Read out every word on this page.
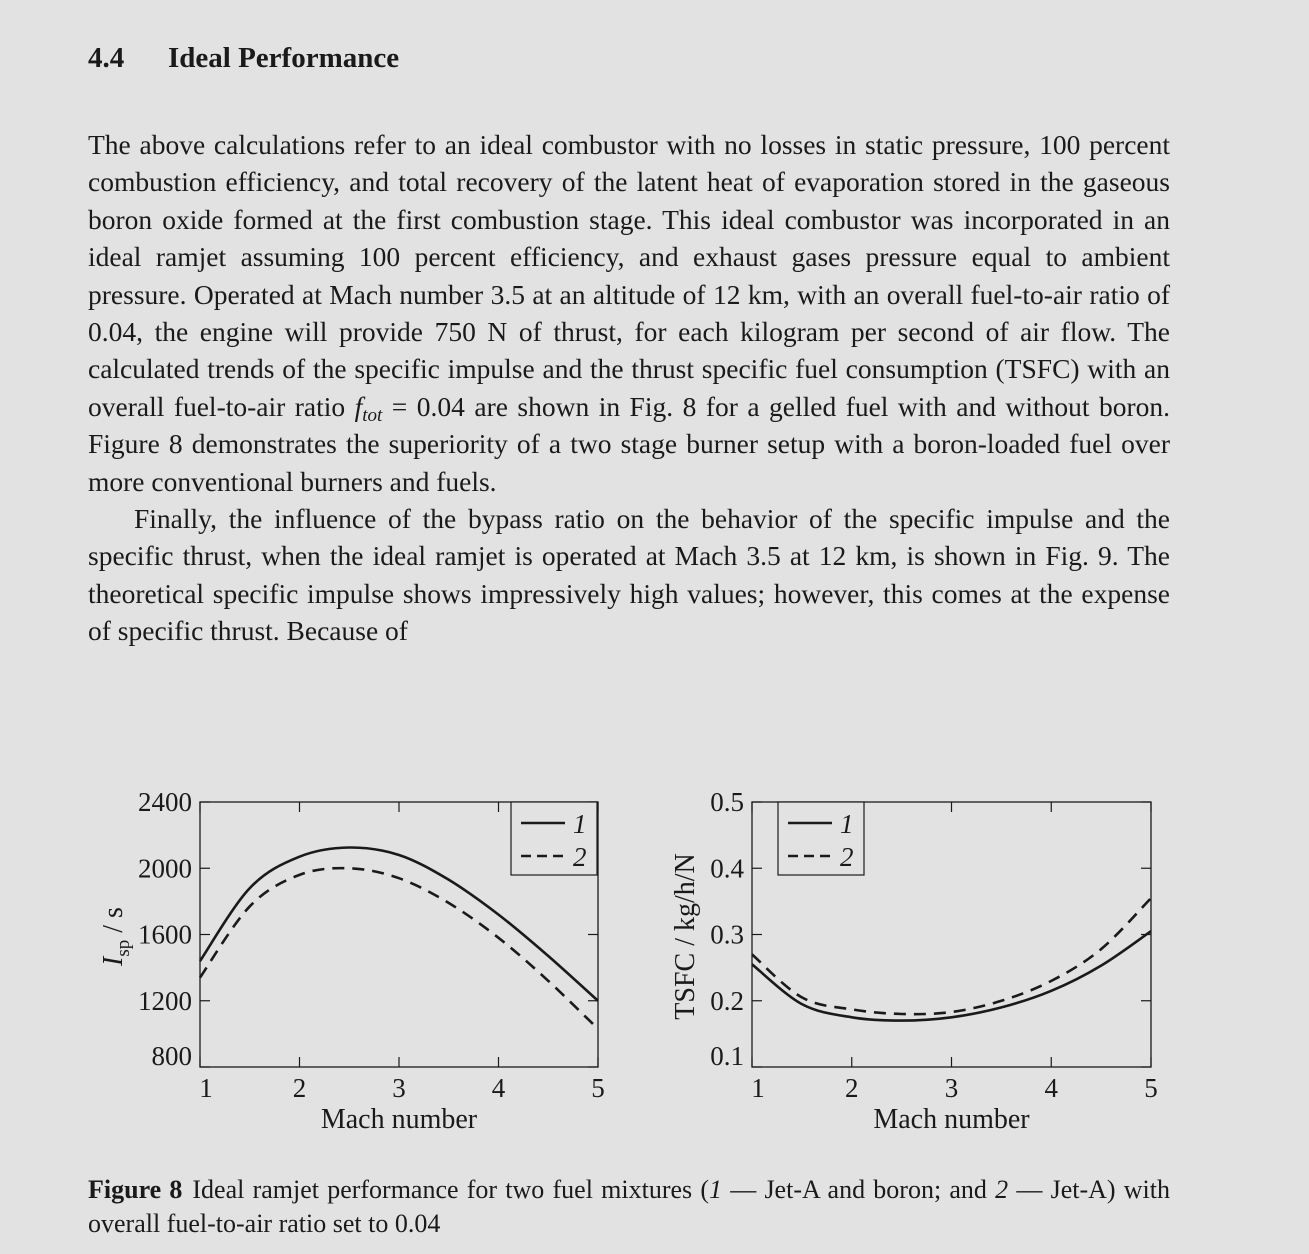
4.4 Ideal Performance

The above calculations refer to an ideal combustor with no losses in static pressure, 100 percent combustion efficiency, and total recovery of the latent heat of evaporation stored in the gaseous boron oxide formed at the first combustion stage. This ideal combustor was incorporated in an ideal ramjet assuming 100 percent efficiency, and exhaust gases pressure equal to ambient pressure. Operated at Mach number 3.5 at an altitude of 12 km, with an overall fuel-to-air ratio of 0.04, the engine will provide 750 N of thrust, for each kilogram per second of air flow. The calculated trends of the specific impulse and the thrust specific fuel consumption (TSFC) with an overall fuel-to-air ratio $f_{tot} = 0.04$ are shown in Fig. 8 for a gelled fuel with and without boron. Figure 8 demonstrates the superiority of a two stage burner setup with a boron-loaded fuel over more conventional burners and fuels.

Finally, the influence of the bypass ratio on the behavior of the specific impulse and the specific thrust, when the ideal ramjet is operated at Mach 3.5 at 12 km, is shown in Fig. 9. The theoretical specific impulse shows impressively high values; however, this comes at the expense of specific thrust. Because of

1	2	3	4	5
800
1200
1600
2000
2400
Mach number
$I_{sp}$ / s
1
2
1	2	3	4	5
0.1
0.2
0.3
0.4
0.5
Mach number
TSFC / kg/h/N
1
2
Figure 8 Ideal ramjet performance for two fuel mixtures (1 — Jet-A and boron; and 2 — Jet-A) with overall fuel-to-air ratio set to 0.04
